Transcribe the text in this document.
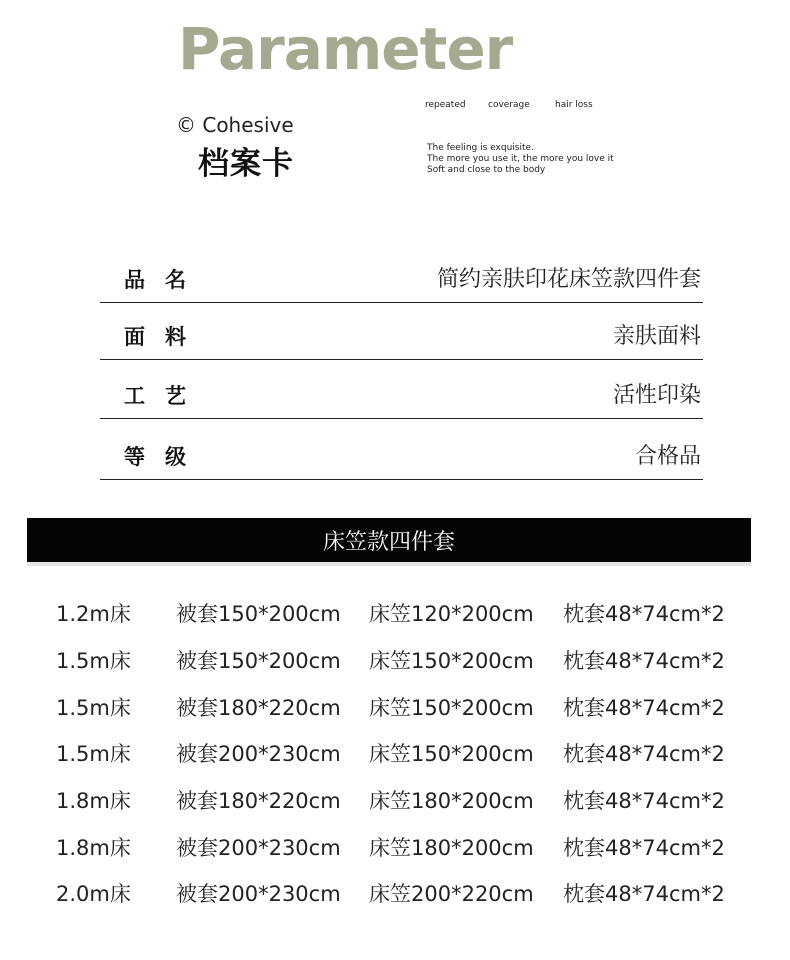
Parameter
© Cohesive
档案卡
repeated coverage	hair loss
The feeling is exquisite.
The more you use it, the more you love it
Soft and close to the body
品名	简约亲肤印花床笠款四件套
面料	亲肤面料
工艺	活性印染
等级	合格品
床笠款四件套
1.2m床	被套150*200cm	床笠120*200cm	枕套48*74cm*2
1.5m床	被套150*200cm	床笠150*200cm	枕套48*74cm*2
1.5m床	被套180*220cm	床笠150*200cm	枕套48*74cm*2
1.5m床	被套200*230cm	床笠150*200cm	枕套48*74cm*2
1.8m床	被套180*220cm	床笠180*200cm	枕套48*74cm*2
1.8m床	被套200*230cm	床笠180*200cm	枕套48*74cm*2
2.0m床	被套200*230cm	床笠200*220cm	枕套48*74cm*2
